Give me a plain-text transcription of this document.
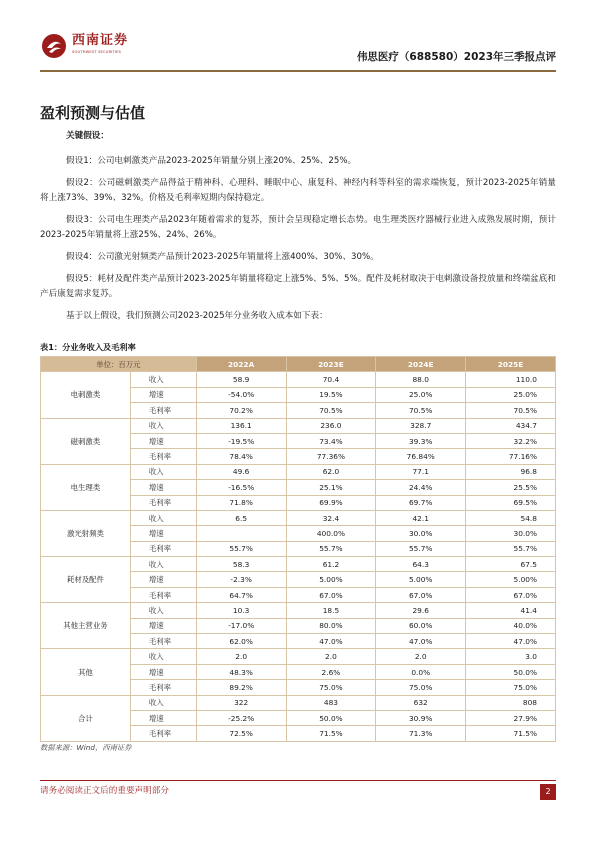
西南证券
SOUTHWEST SECURITIES	伟思医疗（688580）2023年三季报点评
盈利预测与估值

关键假设：

假设1：公司电刺激类产品2023-2025年销量分别上涨20%、25%、25%。

假设2：公司磁刺激类产品得益于精神科、心理科、睡眠中心、康复科、神经内科等科室的需求端恢复，预计2023-2025年销量将上涨73%、39%、32%。价格及毛利率短期内保持稳定。

假设3：公司电生理类产品2023年随着需求的复苏，预计会呈现稳定增长态势。电生理类医疗器械行业进入成熟发展时期，预计2023-2025年销量将上涨25%、24%、26%。

假设4：公司激光射频类产品预计2023-2025年销量将上涨400%、30%、30%。

假设5：耗材及配件类产品预计2023-2025年销量将稳定上涨5%、5%、5%。配件及耗材取决于电刺激设备投放量和终端盆底和产后康复需求复苏。

基于以上假设，我们预测公司2023-2025年分业务收入成本如下表：

表1：分业务收入及毛利率
单位：百万元		2022A	2023E	2024E	2025E
电刺激类	收入	58.9	70.4	88.0	110.0
	增速	-54.0%	19.5%	25.0%	25.0%
	毛利率	70.2%	70.5%	70.5%	70.5%
磁刺激类	收入	136.1	236.0	328.7	434.7
	增速	-19.5%	73.4%	39.3%	32.2%
	毛利率	78.4%	77.36%	76.84%	77.16%
电生理类	收入	49.6	62.0	77.1	96.8
	增速	-16.5%	25.1%	24.4%	25.5%
	毛利率	71.8%	69.9%	69.7%	69.5%
激光射频类	收入	6.5	32.4	42.1	54.8
	增速		400.0%	30.0%	30.0%
	毛利率	55.7%	55.7%	55.7%	55.7%
耗材及配件	收入	58.3	61.2	64.3	67.5
	增速	-2.3%	5.00%	5.00%	5.00%
	毛利率	64.7%	67.0%	67.0%	67.0%
其他主营业务	收入	10.3	18.5	29.6	41.4
	增速	-17.0%	80.0%	60.0%	40.0%
	毛利率	62.0%	47.0%	47.0%	47.0%
其他	收入	2.0	2.0	2.0	3.0
	增速	48.3%	2.6%	0.0%	50.0%
	毛利率	89.2%	75.0%	75.0%	75.0%
合计	收入	322	483	632	808
	增速	-25.2%	50.0%	30.9%	27.9%
	毛利率	72.5%	71.5%	71.3%	71.5%
数据来源：Wind，西南证券
请务必阅读正文后的重要声明部分	2
